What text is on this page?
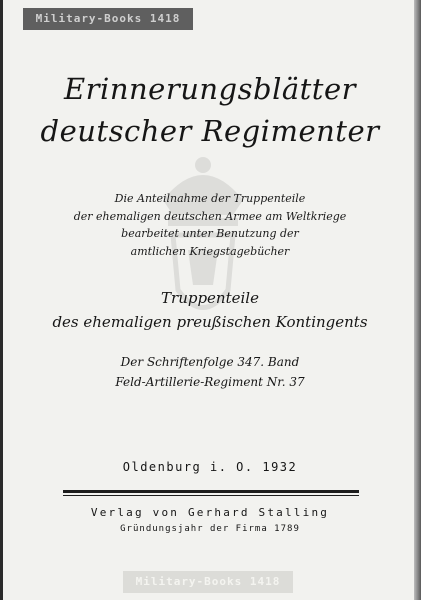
Military-Books 1418
Erinnerungsblätter
deutscher Regimenter
Die Anteilnahme der Truppenteile
der ehemaligen deutschen Armee am Weltkriege
bearbeitet unter Benutzung der
amtlichen Kriegstagebücher
Truppenteile
des ehemaligen preußischen Kontingents
Der Schriftenfolge 347. Band
Feld-Artillerie-Regiment Nr. 37
Oldenburg i. O. 1932
Verlag von Gerhard Stalling
Gründungsjahr der Firma 1789
Military-Books 1418
